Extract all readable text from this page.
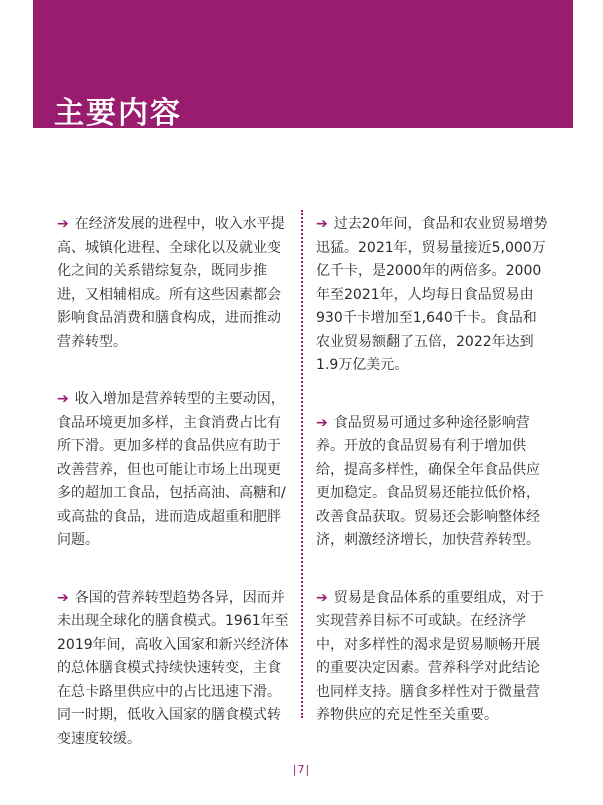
主要内容

➔ 在经济发展的进程中，收入水平提高、城镇化进程、全球化以及就业变化之间的关系错综复杂，既同步推进，又相辅相成。所有这些因素都会影响食品消费和膳食构成，进而推动营养转型。

➔ 收入增加是营养转型的主要动因，食品环境更加多样，主食消费占比有所下滑。更加多样的食品供应有助于改善营养，但也可能让市场上出现更多的超加工食品，包括高油、高糖和/或高盐的食品，进而造成超重和肥胖问题。

➔ 各国的营养转型趋势各异，因而并未出现全球化的膳食模式。1961年至2019年间，高收入国家和新兴经济体的总体膳食模式持续快速转变，主食在总卡路里供应中的占比迅速下滑。同一时期，低收入国家的膳食模式转变速度较缓。

➔ 过去20年间，食品和农业贸易增势迅猛。2021年，贸易量接近5,000万亿千卡，是2000年的两倍多。2000年至2021年，人均每日食品贸易由930千卡增加至1,640千卡。食品和农业贸易额翻了五倍，2022年达到1.9万亿美元。

➔ 食品贸易可通过多种途径影响营养。开放的食品贸易有利于增加供给，提高多样性，确保全年食品供应更加稳定。食品贸易还能拉低价格，改善食品获取。贸易还会影响整体经济，刺激经济增长，加快营养转型。

➔ 贸易是食品体系的重要组成，对于实现营养目标不可或缺。在经济学中，对多样性的渴求是贸易顺畅开展的重要决定因素。营养科学对此结论也同样支持。膳食多样性对于微量营养物供应的充足性至关重要。

|7|
